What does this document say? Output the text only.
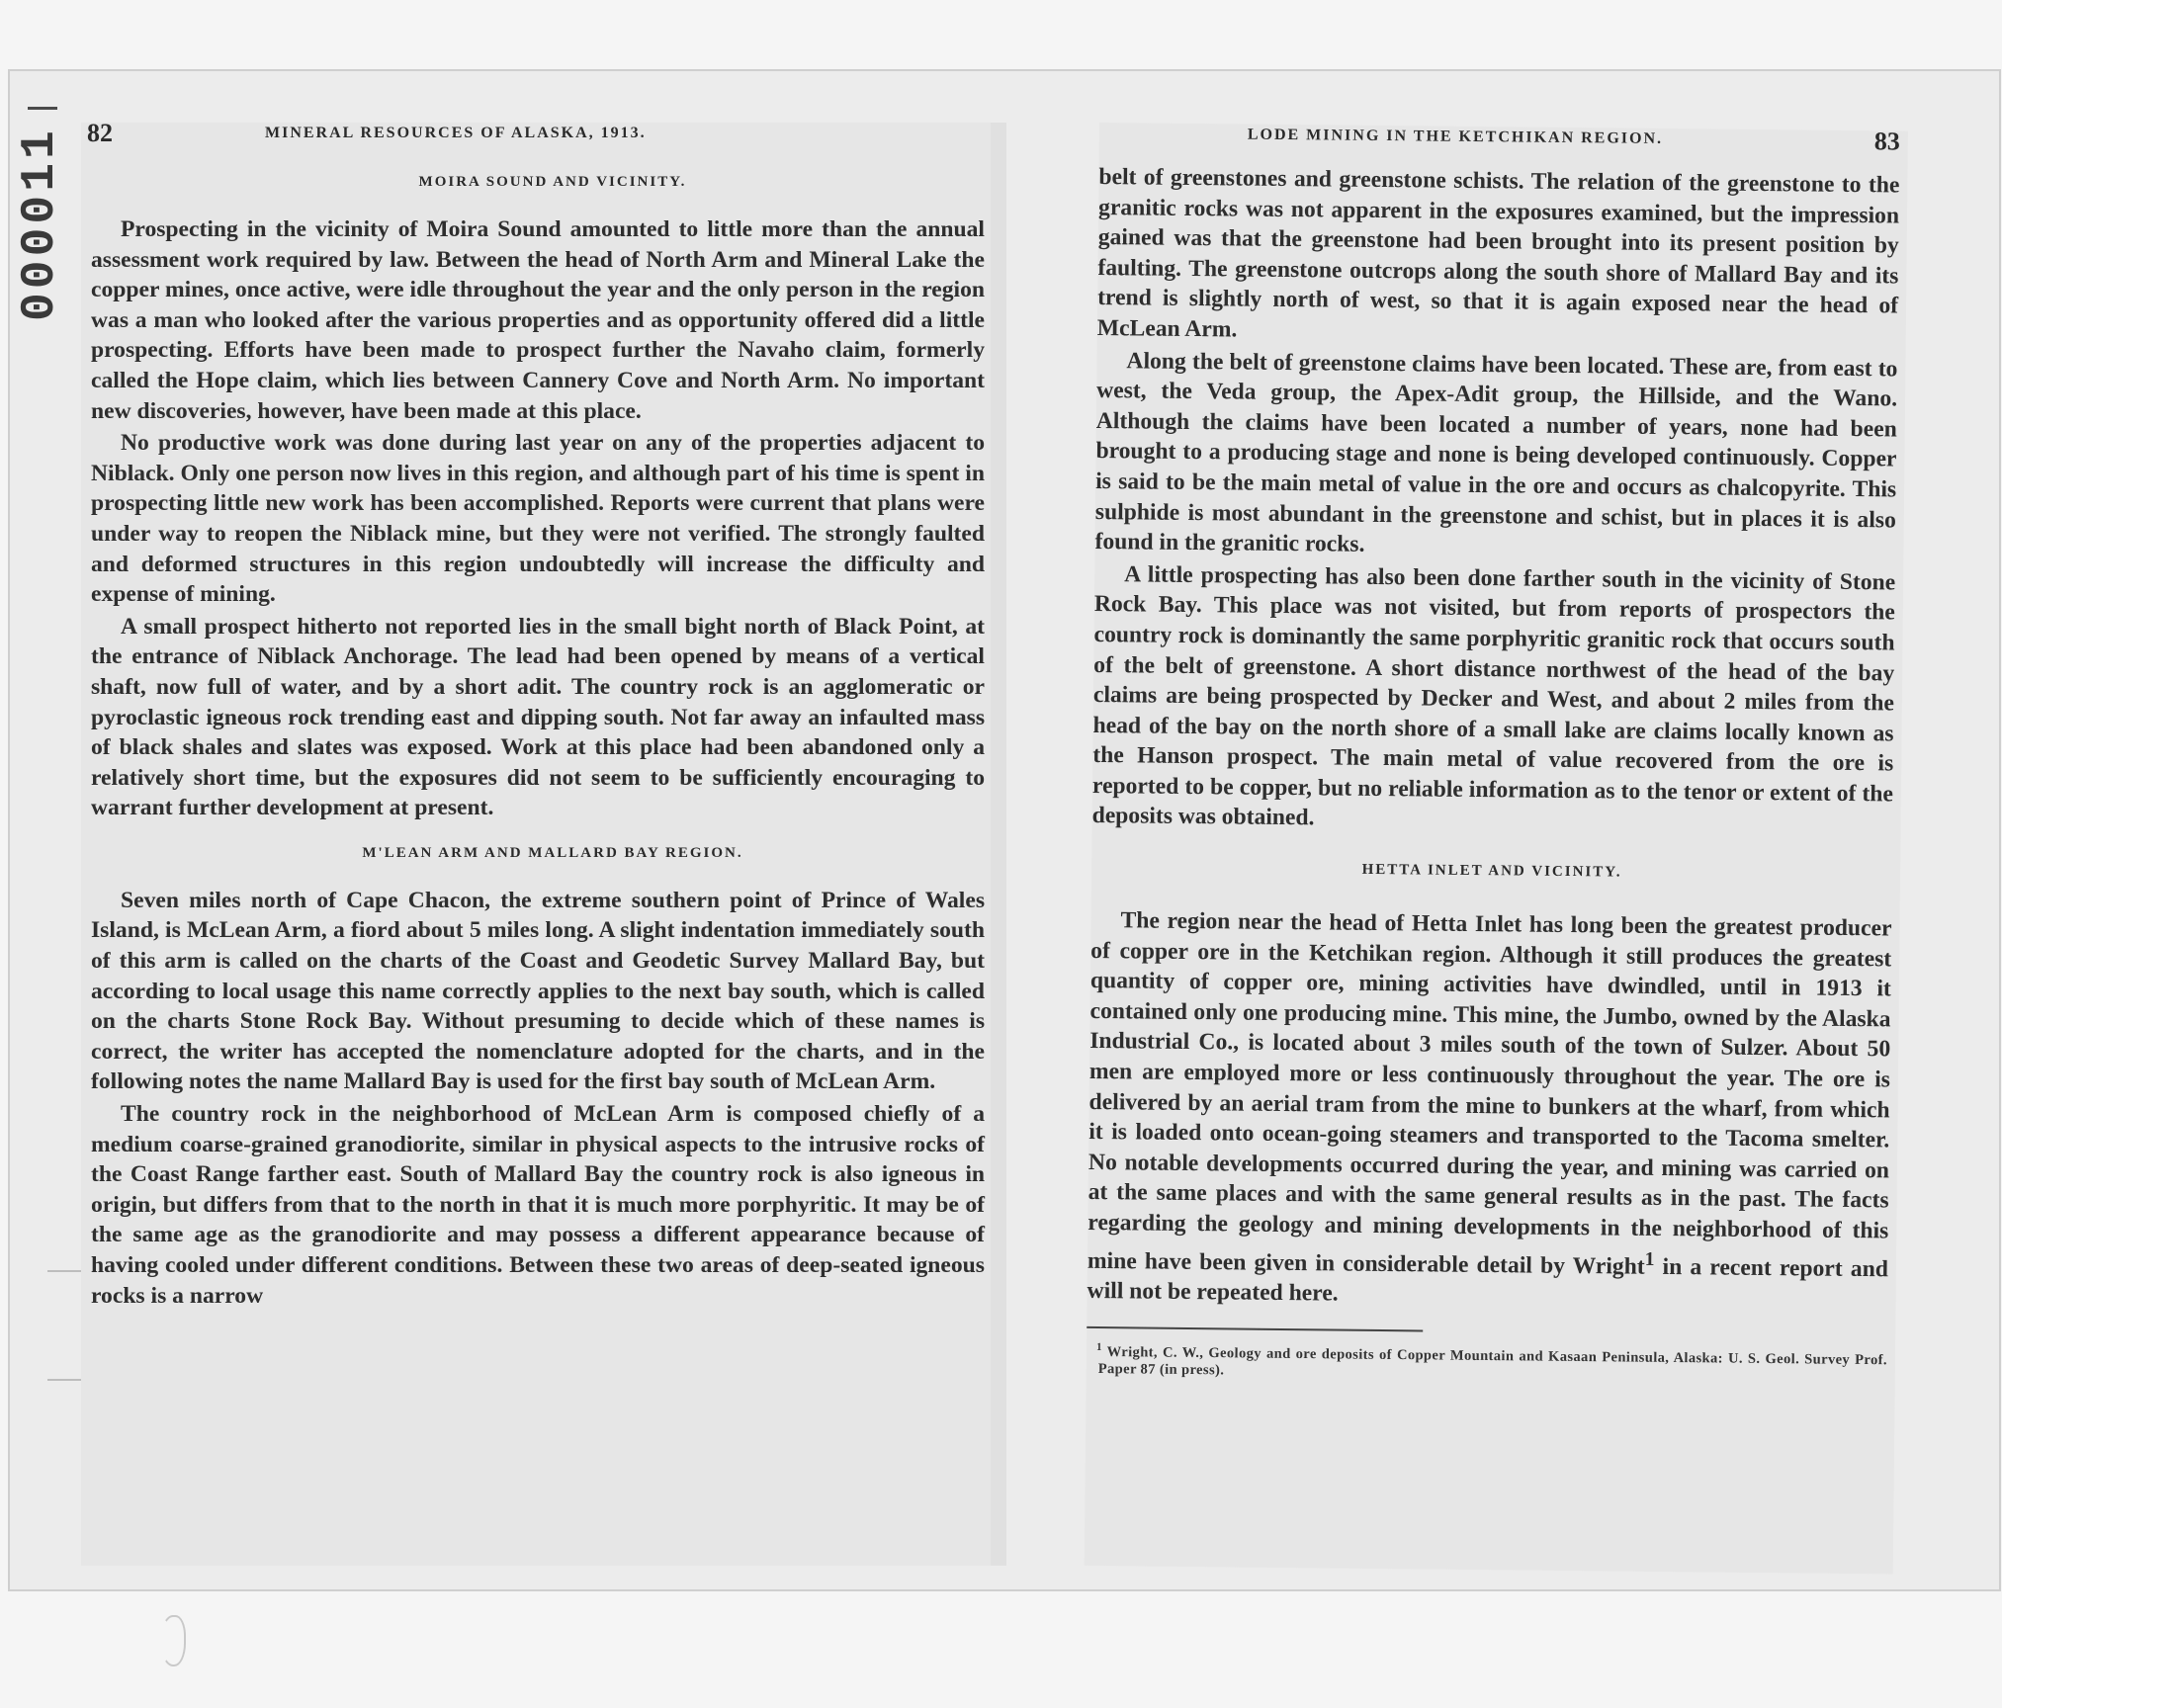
000011 82	MINERAL RESOURCES OF ALASKA, 1913.
MOIRA SOUND AND VICINITY.

Prospecting in the vicinity of Moira Sound amounted to little more than the annual assessment work required by law. Between the head of North Arm and Mineral Lake the copper mines, once active, were idle throughout the year and the only person in the region was a man who looked after the various properties and as opportunity offered did a little prospecting. Efforts have been made to prospect further the Navaho claim, formerly called the Hope claim, which lies between Cannery Cove and North Arm. No important new discoveries, however, have been made at this place.

No productive work was done during last year on any of the properties adjacent to Niblack. Only one person now lives in this region, and although part of his time is spent in prospecting little new work has been accomplished. Reports were current that plans were under way to reopen the Niblack mine, but they were not verified. The strongly faulted and deformed structures in this region undoubtedly will increase the difficulty and expense of mining.

A small prospect hitherto not reported lies in the small bight north of Black Point, at the entrance of Niblack Anchorage. The lead had been opened by means of a vertical shaft, now full of water, and by a short adit. The country rock is an agglomeratic or pyroclastic igneous rock trending east and dipping south. Not far away an infaulted mass of black shales and slates was exposed. Work at this place had been abandoned only a relatively short time, but the exposures did not seem to be sufficiently encouraging to warrant further development at present.

M'LEAN ARM AND MALLARD BAY REGION.

Seven miles north of Cape Chacon, the extreme southern point of Prince of Wales Island, is McLean Arm, a fiord about 5 miles long. A slight indentation immediately south of this arm is called on the charts of the Coast and Geodetic Survey Mallard Bay, but according to local usage this name correctly applies to the next bay south, which is called on the charts Stone Rock Bay. Without presuming to decide which of these names is correct, the writer has accepted the nomenclature adopted for the charts, and in the following notes the name Mallard Bay is used for the first bay south of McLean Arm.

The country rock in the neighborhood of McLean Arm is composed chiefly of a medium coarse-grained granodiorite, similar in physical aspects to the intrusive rocks of the Coast Range farther east. South of Mallard Bay the country rock is also igneous in origin, but differs from that to the north in that it is much more porphyritic. It may be of the same age as the granodiorite and may possess a different appearance because of having cooled under different conditions. Between these two areas of deep-seated igneous rocks is a narrow

LODE MINING IN THE KETCHIKAN REGION.	83

belt of greenstones and greenstone schists. The relation of the greenstone to the granitic rocks was not apparent in the exposures examined, but the impression gained was that the greenstone had been brought into its present position by faulting. The greenstone outcrops along the south shore of Mallard Bay and its trend is slightly north of west, so that it is again exposed near the head of McLean Arm.

Along the belt of greenstone claims have been located. These are, from east to west, the Veda group, the Apex-Adit group, the Hillside, and the Wano. Although the claims have been located a number of years, none had been brought to a producing stage and none is being developed continuously. Copper is said to be the main metal of value in the ore and occurs as chalcopyrite. This sulphide is most abundant in the greenstone and schist, but in places it is also found in the granitic rocks.

A little prospecting has also been done farther south in the vicinity of Stone Rock Bay. This place was not visited, but from reports of prospectors the country rock is dominantly the same porphyritic granitic rock that occurs south of the belt of greenstone. A short distance northwest of the head of the bay claims are being prospected by Decker and West, and about 2 miles from the head of the bay on the north shore of a small lake are claims locally known as the Hanson prospect. The main metal of value recovered from the ore is reported to be copper, but no reliable information as to the tenor or extent of the deposits was obtained.

HETTA INLET AND VICINITY.

The region near the head of Hetta Inlet has long been the greatest producer of copper ore in the Ketchikan region. Although it still produces the greatest quantity of copper ore, mining activities have dwindled, until in 1913 it contained only one producing mine. This mine, the Jumbo, owned by the Alaska Industrial Co., is located about 3 miles south of the town of Sulzer. About 50 men are employed more or less continuously throughout the year. The ore is delivered by an aerial tram from the mine to bunkers at the wharf, from which it is loaded onto ocean-going steamers and transported to the Tacoma smelter. No notable developments occurred during the year, and mining was carried on at the same places and with the same general results as in the past. The facts regarding the geology and mining developments in the neighborhood of this mine have been given in considerable detail by Wright$^1$ in a recent report and will not be repeated here.

$^1$ Wright, C. W., Geology and ore deposits of Copper Mountain and Kasaan Peninsula, Alaska: U. S. Geol. Survey Prof. Paper 87 (in press).
